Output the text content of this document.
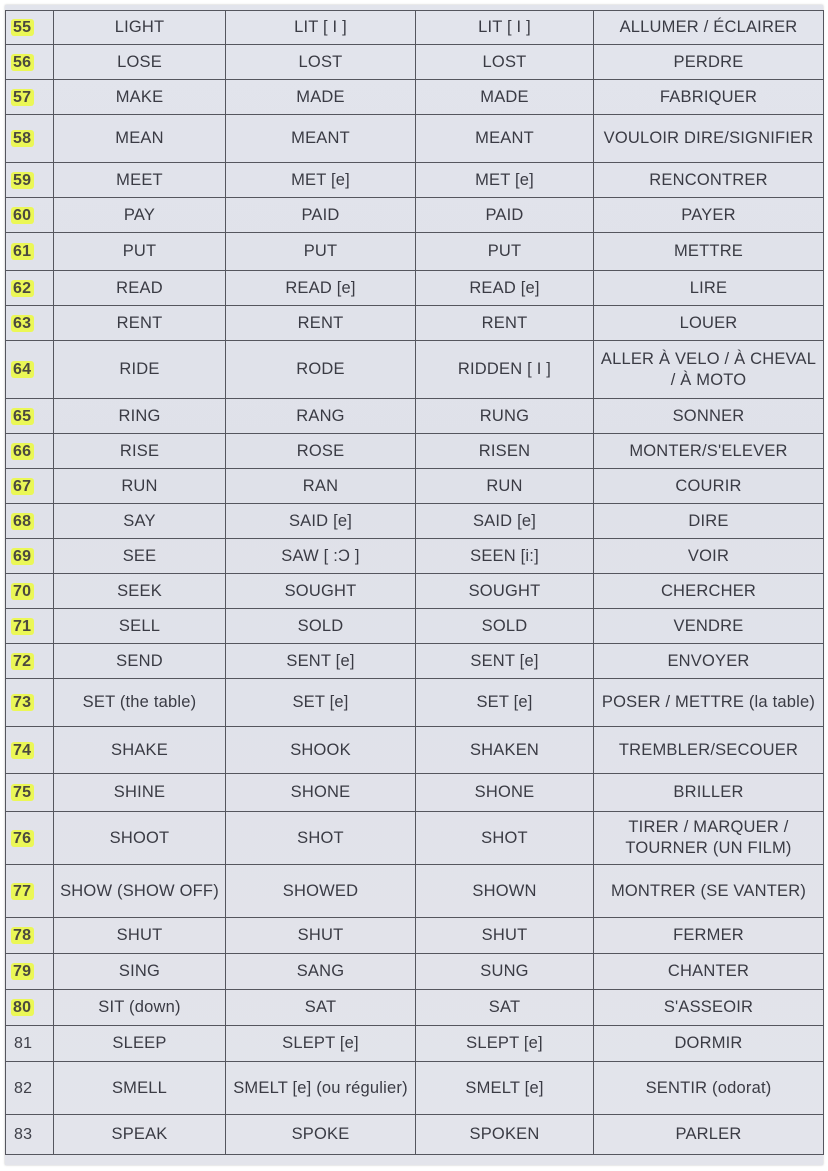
55	LIGHT	LIT [ I ]	LIT [ I ]	ALLUMER / ÉCLAIRER
56	LOSE	LOST	LOST	PERDRE
57	MAKE	MADE	MADE	FABRIQUER
58	MEAN	MEANT	MEANT	VOULOIR DIRE/SIGNIFIER
59	MEET	MET [e]	MET [e]	RENCONTRER
60	PAY	PAID	PAID	PAYER
61	PUT	PUT	PUT	METTRE
62	READ	READ [e]	READ [e]	LIRE
63	RENT	RENT	RENT	LOUER
64	RIDE	RODE	RIDDEN [ I ]	ALLER À VELO / À CHEVAL / À MOTO
65	RING	RANG	RUNG	SONNER
66	RISE	ROSE	RISEN	MONTER/S'ELEVER
67	RUN	RAN	RUN	COURIR
68	SAY	SAID [e]	SAID [e]	DIRE
69	SEE	SAW [ :Ɔ ]	SEEN [i:]	VOIR
70	SEEK	SOUGHT	SOUGHT	CHERCHER
71	SELL	SOLD	SOLD	VENDRE
72	SEND	SENT [e]	SENT [e]	ENVOYER
73	SET (the table)	SET [e]	SET [e]	POSER / METTRE (la table)
74	SHAKE	SHOOK	SHAKEN	TREMBLER/SECOUER
75	SHINE	SHONE	SHONE	BRILLER
76	SHOOT	SHOT	SHOT	TIRER / MARQUER / TOURNER (UN FILM)
77	SHOW (SHOW OFF)	SHOWED	SHOWN	MONTRER (SE VANTER)
78	SHUT	SHUT	SHUT	FERMER
79	SING	SANG	SUNG	CHANTER
80	SIT (down)	SAT	SAT	S'ASSEOIR
81	SLEEP	SLEPT [e]	SLEPT [e]	DORMIR
82	SMELL	SMELT [e] (ou régulier)	SMELT [e]	SENTIR (odorat)
83	SPEAK	SPOKE	SPOKEN	PARLER
